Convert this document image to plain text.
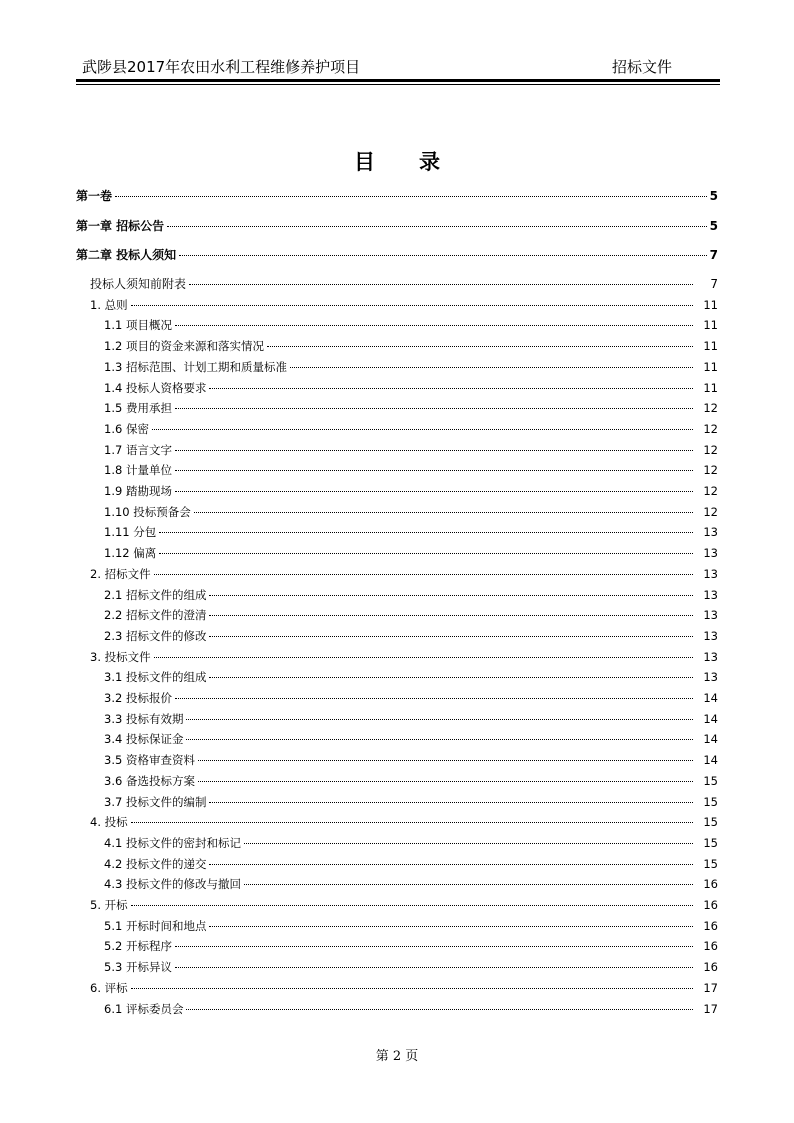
武陟县2017年农田水利工程维修养护项目	招标文件
目录
第一卷	5
第一章 招标公告	5
第二章 投标人须知	7
投标人须知前附表	7
1. 总则	11
1.1 项目概况	11
1.2 项目的资金来源和落实情况	11
1.3 招标范围、计划工期和质量标准	11
1.4 投标人资格要求	11
1.5 费用承担	12
1.6 保密	12
1.7 语言文字	12
1.8 计量单位	12
1.9 踏勘现场	12
1.10 投标预备会	12
1.11 分包	13
1.12 偏离	13
2. 招标文件	13
2.1 招标文件的组成	13
2.2 招标文件的澄清	13
2.3 招标文件的修改	13
3. 投标文件	13
3.1 投标文件的组成	13
3.2 投标报价	14
3.3 投标有效期	14
3.4 投标保证金	14
3.5 资格审查资料	14
3.6 备选投标方案	15
3.7 投标文件的编制	15
4. 投标	15
4.1 投标文件的密封和标记	15
4.2 投标文件的递交	15
4.3 投标文件的修改与撤回	16
5. 开标	16
5.1 开标时间和地点	16
5.2 开标程序	16
5.3 开标异议	16
6. 评标	17
6.1 评标委员会	17
第 2 页
